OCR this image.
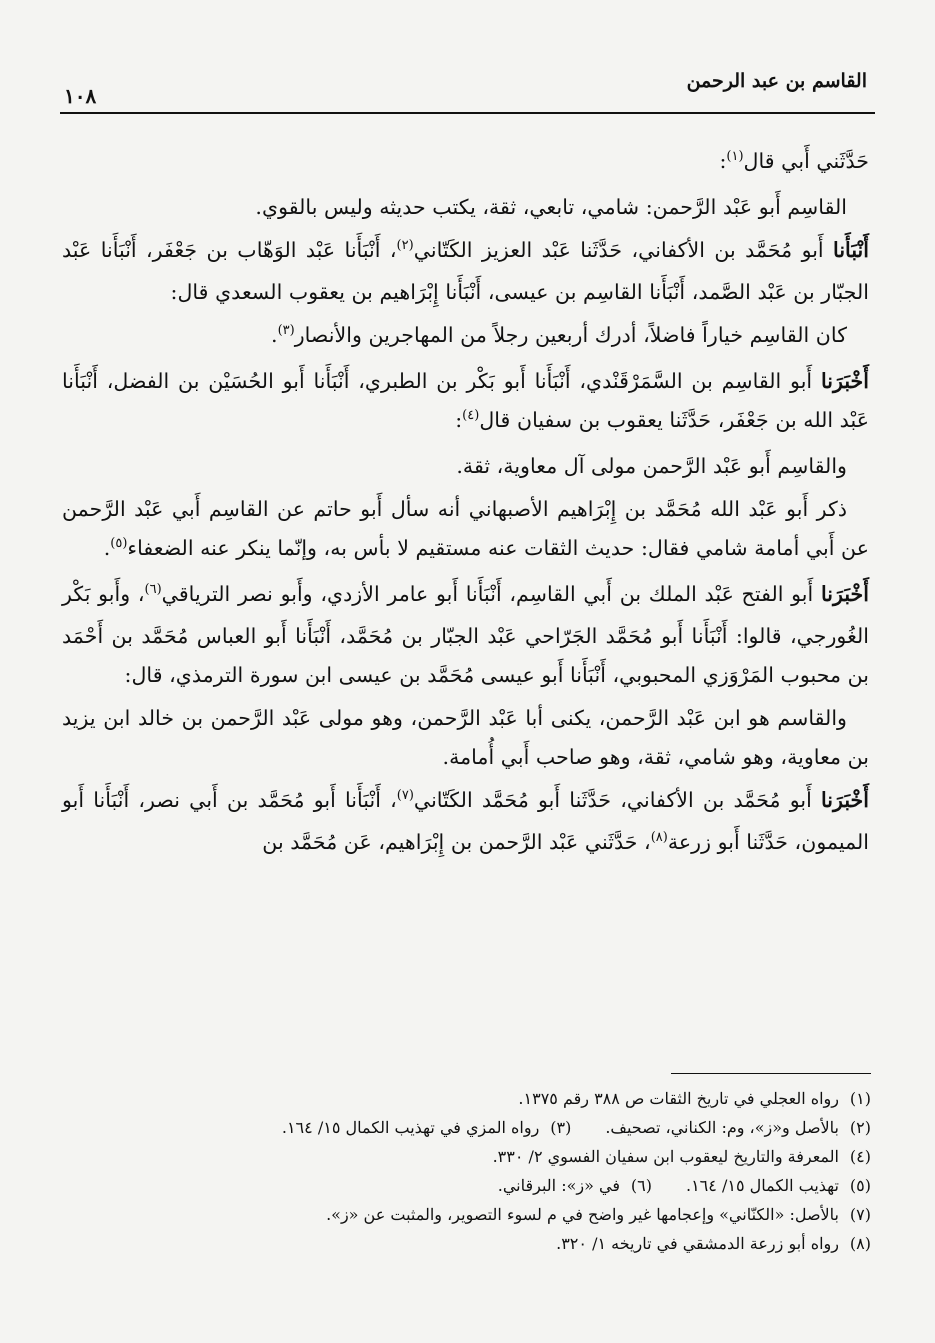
القاسم بن عبد الرحمن
١٠٨

حَدَّثَني أَبي قال$^{(١)}$:

القاسِم أَبو عَبْد الرَّحمن: شامي، تابعي، ثقة، يكتب حديثه وليس بالقوي.

أَنْبَأَنا أَبو مُحَمَّد بن الأكفاني، حَدَّثَنا عَبْد العزيز الكَتّاني$^{(٢)}$، أَنْبَأَنا عَبْد الوَهّاب بن جَعْفَر، أَنْبَأَنا عَبْد الجبّار بن عَبْد الصَّمد، أَنْبَأَنا القاسِم بن عيسى، أَنْبَأَنا إِبْرَاهيم بن يعقوب السعدي قال:

كان القاسِم خياراً فاضلاً، أدرك أربعين رجلاً من المهاجرين والأنصار$^{(٣)}$.

أَخْبَرَنا أَبو القاسِم بن السَّمَرْقَنْدي، أَنْبَأَنا أَبو بَكْر بن الطبري، أَنْبَأَنا أَبو الحُسَيْن بن الفضل، أَنْبَأَنا عَبْد الله بن جَعْفَر، حَدَّثَنا يعقوب بن سفيان قال$^{(٤)}$:

والقاسِم أَبو عَبْد الرَّحمن مولى آل معاوية، ثقة.

ذكر أَبو عَبْد الله مُحَمَّد بن إِبْرَاهيم الأصبهاني أنه سأل أَبو حاتم عن القاسِم أَبي عَبْد الرَّحمن عن أَبي أمامة شامي فقال: حديث الثقات عنه مستقيم لا بأس به، وإنّما ينكر عنه الضعفاء$^{(٥)}$.

أَخْبَرَنا أَبو الفتح عَبْد الملك بن أَبي القاسِم، أَنْبَأَنا أَبو عامر الأزدي، وأَبو نصر الترياقي$^{(٦)}$، وأَبو بَكْر الغُورجي، قالوا: أَنْبَأَنا أَبو مُحَمَّد الجَرّاحي عَبْد الجبّار بن مُحَمَّد، أَنْبَأَنا أَبو العباس مُحَمَّد بن أَحْمَد بن محبوب المَرْوَزي المحبوبي، أَنْبَأَنا أَبو عيسى مُحَمَّد بن عيسى ابن سورة الترمذي، قال:

والقاسم هو ابن عَبْد الرَّحمن، يكنى أبا عَبْد الرَّحمن، وهو مولى عَبْد الرَّحمن بن خالد ابن يزيد بن معاوية، وهو شامي، ثقة، وهو صاحب أَبي أُمامة.

أَخْبَرَنا أَبو مُحَمَّد بن الأكفاني، حَدَّثَنا أَبو مُحَمَّد الكَتّاني$^{(٧)}$، أَنْبَأَنا أَبو مُحَمَّد بن أَبي نصر، أَنْبَأَنا أَبو الميمون، حَدَّثَنا أَبو زرعة$^{(٨)}$، حَدَّثَني عَبْد الرَّحمن بن إِبْرَاهيم، عَن مُحَمَّد بن

(١)رواه العجلي في تاريخ الثقات ص ٣٨٨ رقم ١٣٧٥.
(٢)بالأصل و«ز»، وم: الكناني، تصحيف.(٣)رواه المزي في تهذيب الكمال ١٥/ ١٦٤.
(٤)المعرفة والتاريخ ليعقوب ابن سفيان الفسوي ٢/ ٣٣٠.
(٥)تهذيب الكمال ١٥/ ١٦٤.(٦)في «ز»: البرقاني.
(٧)بالأصل: «الكنّاني» وإعجامها غير واضح في م لسوء التصوير، والمثبت عن «ز».
(٨)رواه أبو زرعة الدمشقي في تاريخه ١/ ٣٢٠.
